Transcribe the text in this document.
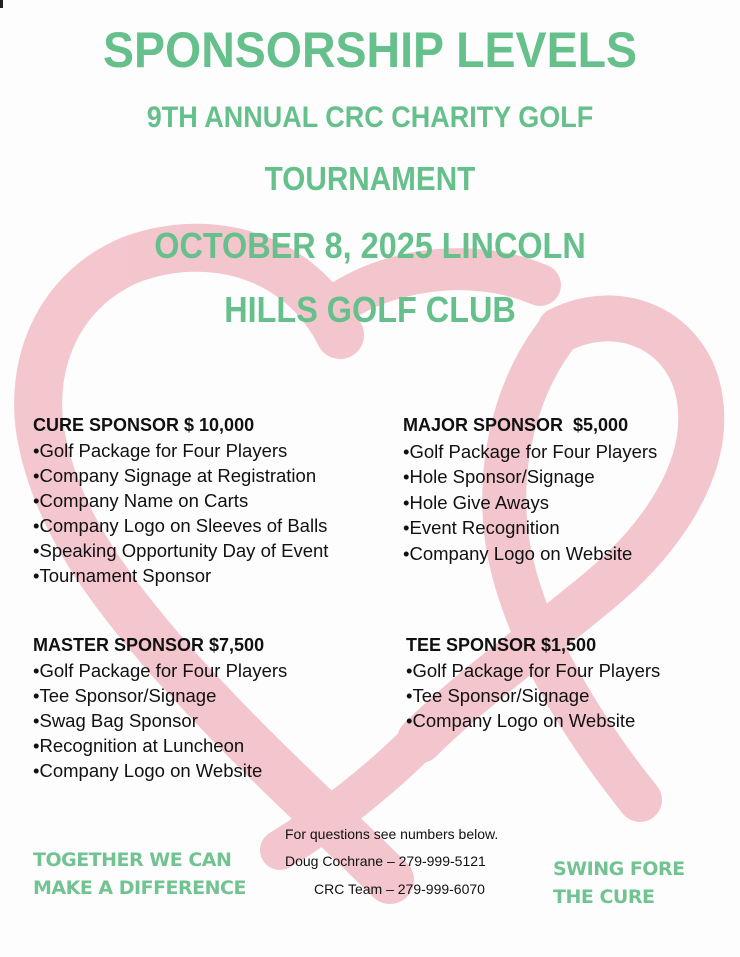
SPONSORSHIP LEVELS
9TH ANNUAL CRC CHARITY GOLF
TOURNAMENT
OCTOBER 8, 2025 LINCOLN
HILLS GOLF CLUB
CURE SPONSOR $ 10,000
•Golf Package for Four Players
•Company Signage at Registration
•Company Name on Carts
•Company Logo on Sleeves of Balls
•Speaking Opportunity Day of Event
•Tournament Sponsor
MAJOR SPONSOR  $5,000
•Golf Package for Four Players
•Hole Sponsor/Signage
•Hole Give Aways
•Event Recognition
•Company Logo on Website
MASTER SPONSOR $7,500
•Golf Package for Four Players
•Tee Sponsor/Signage
•Swag Bag Sponsor
•Recognition at Luncheon
•Company Logo on Website
TEE SPONSOR $1,500
•Golf Package for Four Players
•Tee Sponsor/Signage
•Company Logo on Website
TOGETHER WE CAN
MAKE A DIFFERENCE
For questions see numbers below.
Doug Cochrane – 279-999-5121
CRC Team – 279-999-6070
SWING FORE
THE CURE
